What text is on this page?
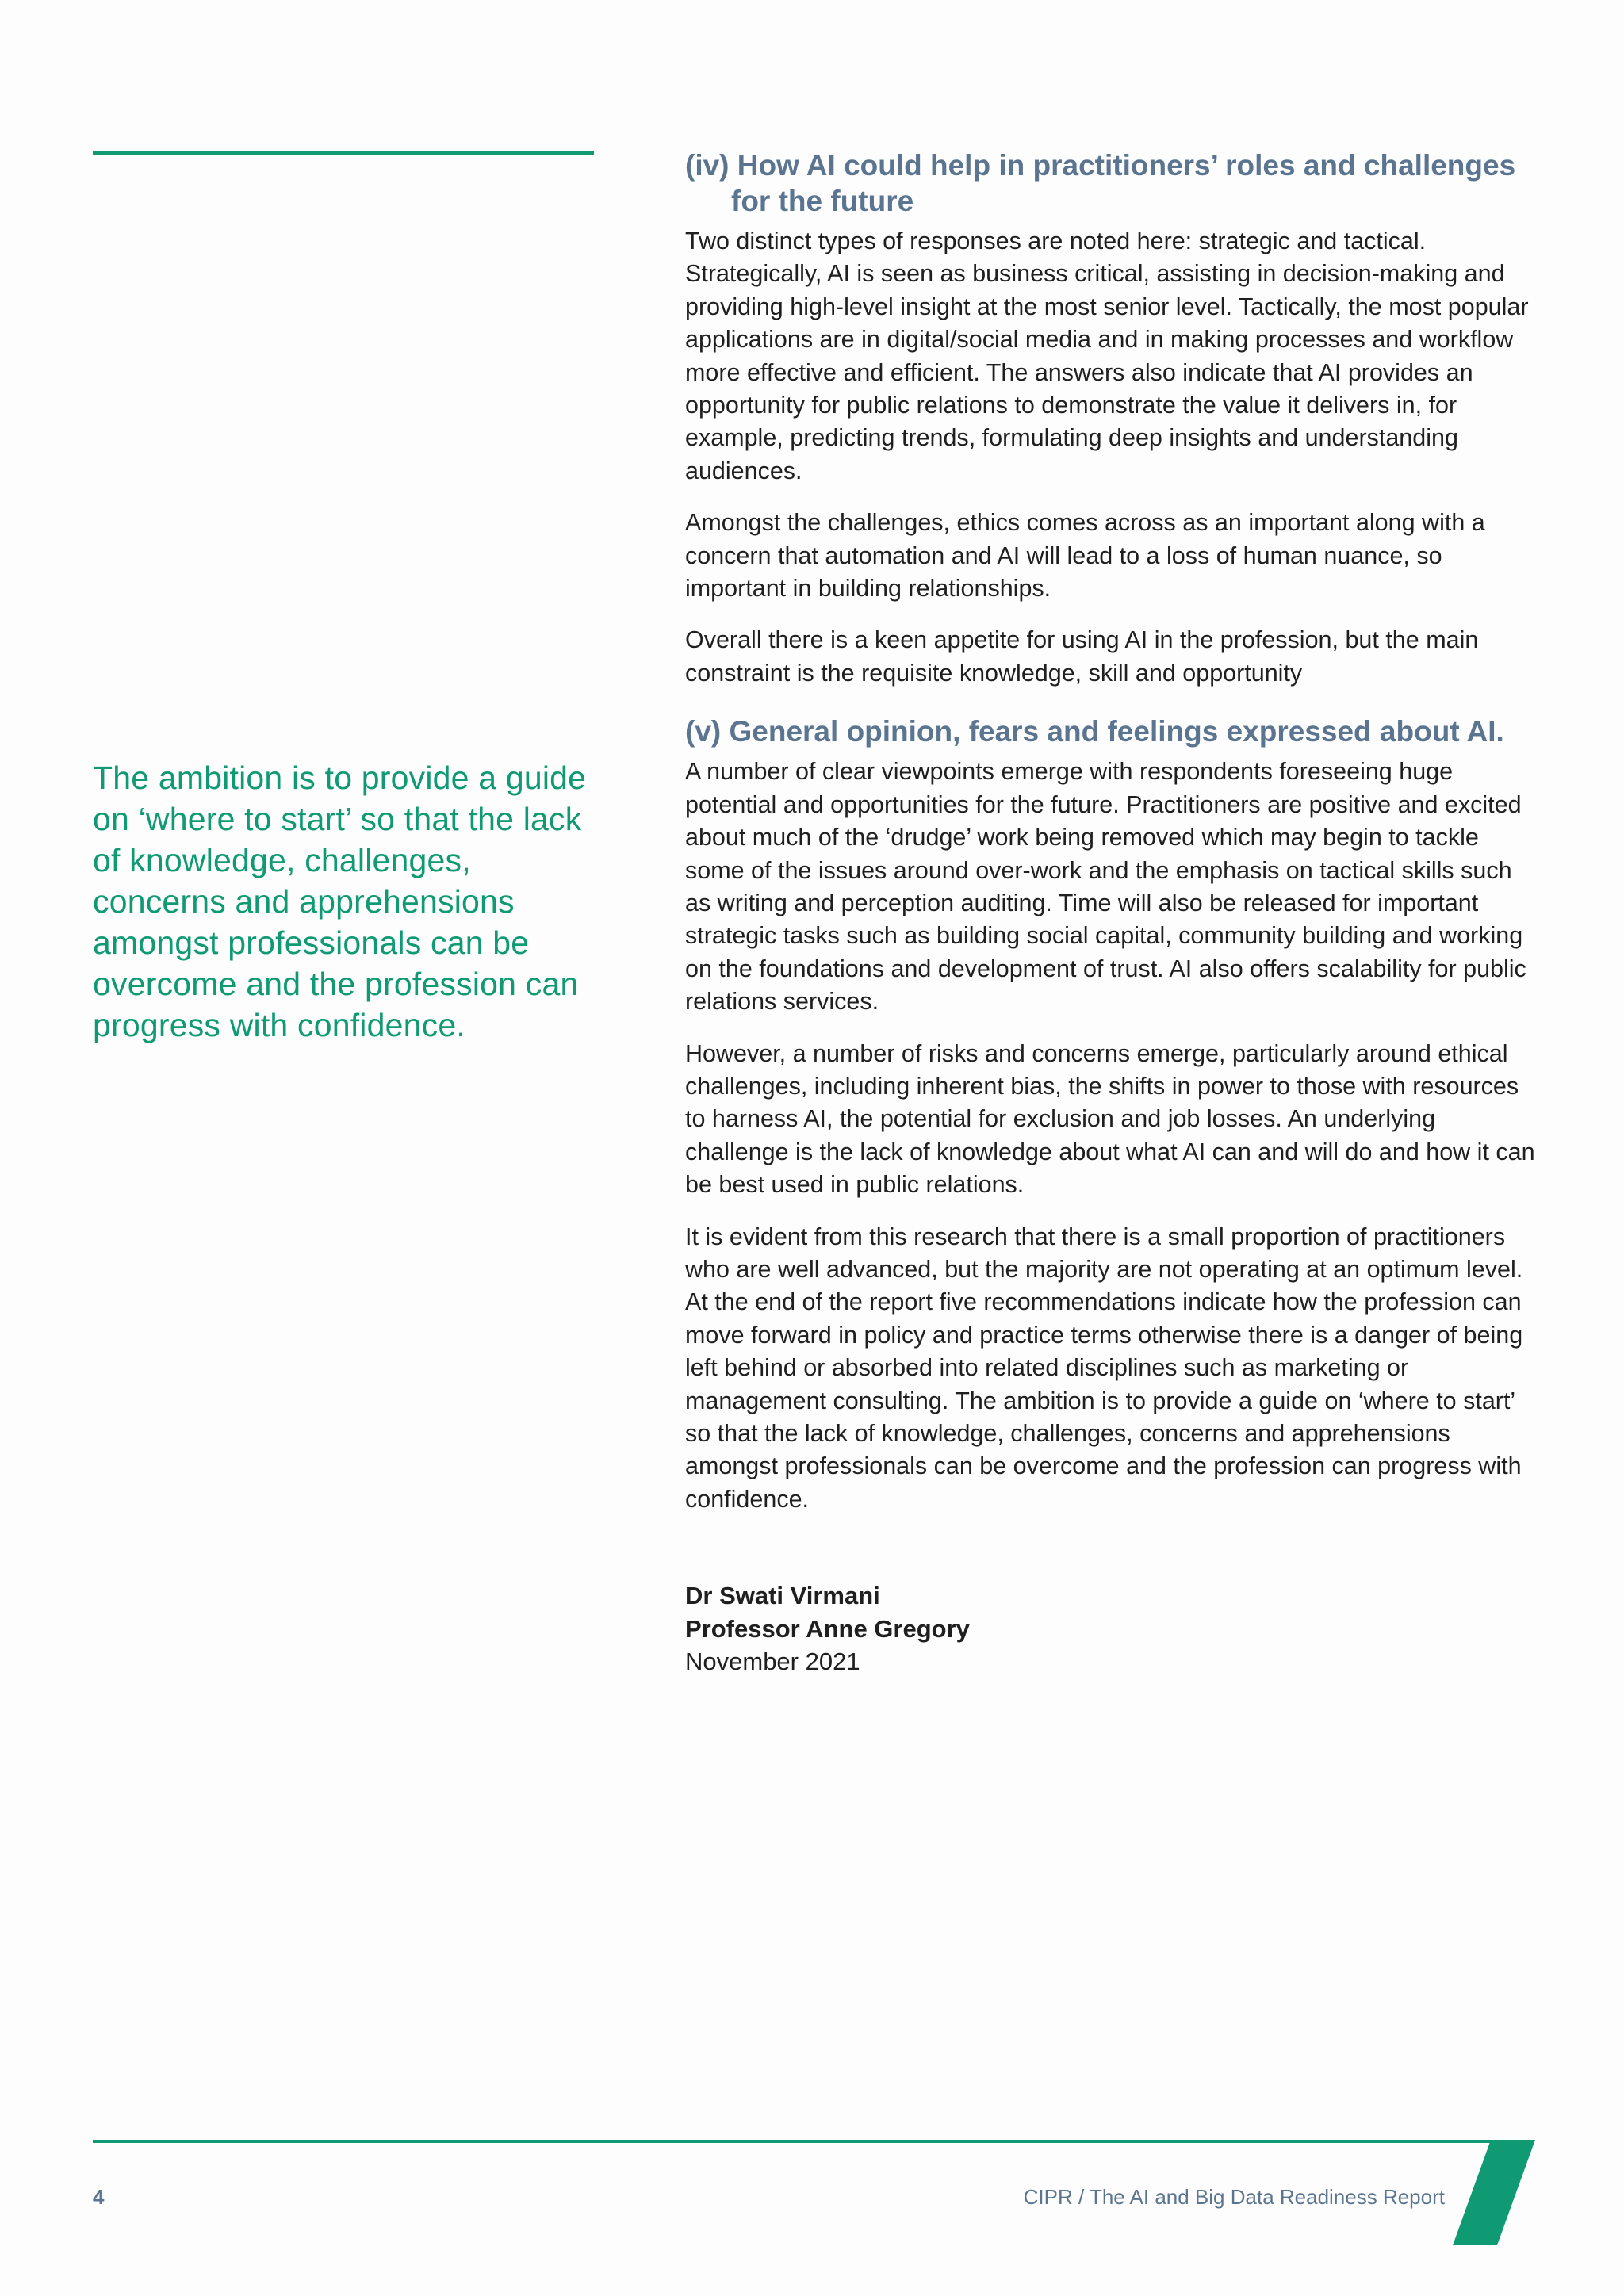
The ambition is to provide a guide on ‘where to start’ so that the lack of knowledge, challenges, concerns and apprehensions amongst professionals can be overcome and the profession can progress with confidence.

(iv) How AI could help in practitioners’ roles and challenges
for the future

Two distinct types of responses are noted here: strategic and tactical. Strategically, AI is seen as business critical, assisting in decision-making and providing high-level insight at the most senior level. Tactically, the most popular applications are in digital/social media and in making processes and workflow more effective and efficient. The answers also indicate that AI provides an opportunity for public relations to demonstrate the value it delivers in, for example, predicting trends, formulating deep insights and understanding audiences.

Amongst the challenges, ethics comes across as an important along with a concern that automation and AI will lead to a loss of human nuance, so important in building relationships.

Overall there is a keen appetite for using AI in the profession, but the main constraint is the requisite knowledge, skill and opportunity

(v) General opinion, fears and feelings expressed about AI.

A number of clear viewpoints emerge with respondents foreseeing huge potential and opportunities for the future. Practitioners are positive and excited about much of the ‘drudge’ work being removed which may begin to tackle some of the issues around over-work and the emphasis on tactical skills such as writing and perception auditing. Time will also be released for important strategic tasks such as building social capital, community building and working on the foundations and development of trust. AI also offers scalability for public relations services.

However, a number of risks and concerns emerge, particularly around ethical challenges, including inherent bias, the shifts in power to those with resources to harness AI, the potential for exclusion and job losses. An underlying challenge is the lack of knowledge about what AI can and will do and how it can be best used in public relations.

It is evident from this research that there is a small proportion of practitioners who are well advanced, but the majority are not operating at an optimum level. At the end of the report five recommendations indicate how the profession can move forward in policy and practice terms otherwise there is a danger of being left behind or absorbed into related disciplines such as marketing or management consulting. The ambition is to provide a guide on ‘where to start’ so that the lack of knowledge, challenges, concerns and apprehensions amongst professionals can be overcome and the profession can progress with confidence.

Dr Swati Virmani
Professor Anne Gregory
November 2021
4	CIPR / The AI and Big Data Readiness Report
